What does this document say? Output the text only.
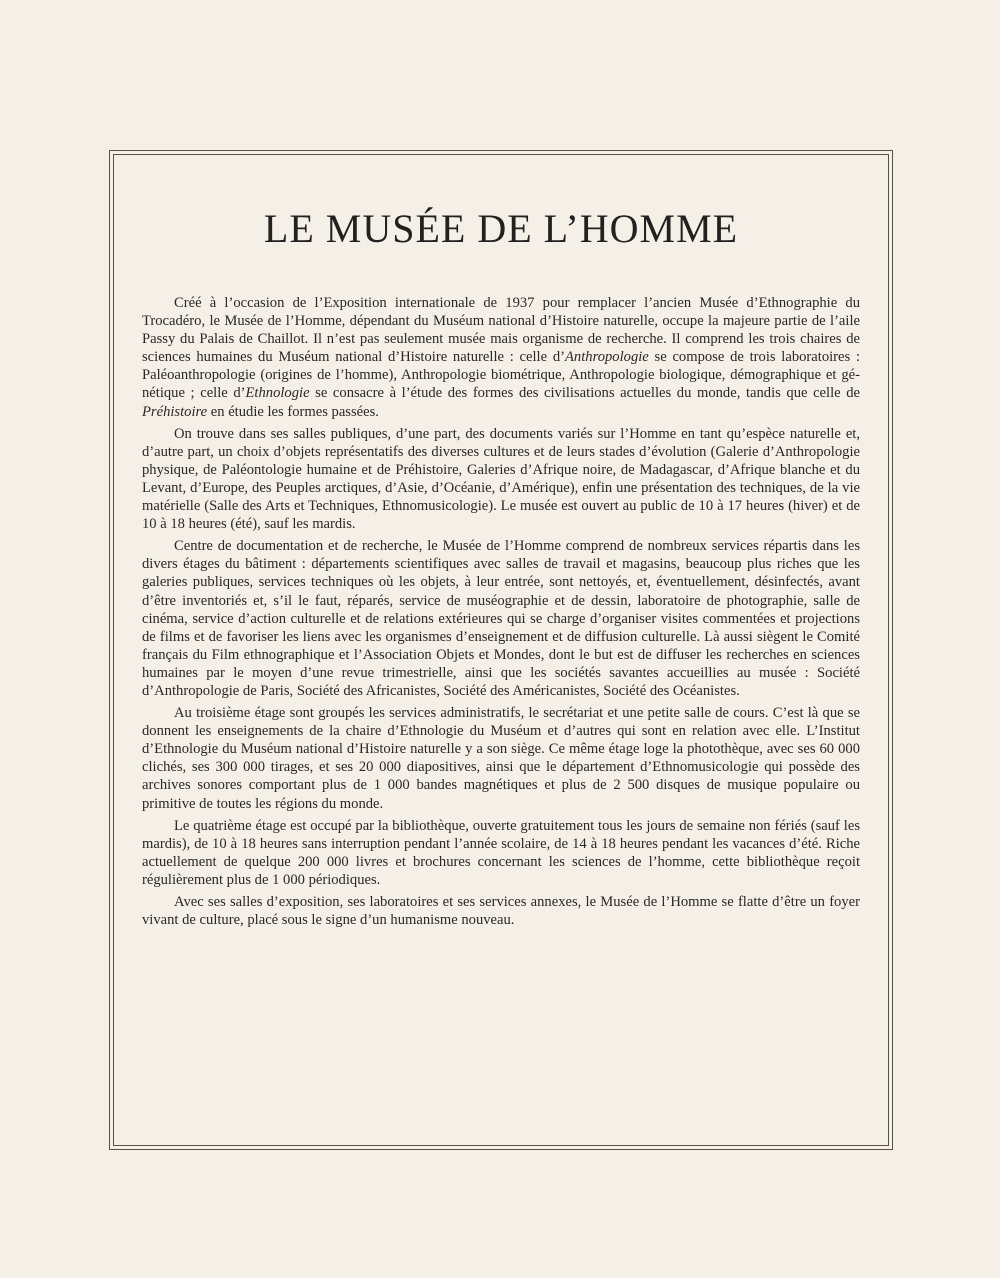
LE MUSÉE DE L’HOMME

Créé à l’occasion de l’Exposition internationale de 1937 pour remplacer l’ancien Musée d’Ethnographie du Trocadéro, le Musée de l’Homme, dépendant du Muséum national d’Histoire naturelle, occupe la majeure partie de l’aile Passy du Palais de Chaillot. Il n’est pas seulement musée mais organisme de recherche. Il comprend les trois chaires de sciences humaines du Muséum national d’Histoire naturelle : celle d’Anthropologie se compose de trois laboratoires : Paléoanthropologie (origines de l’homme), Anthropologie biométrique, Anthropologie biologique, démographique et génétique ; celle d’Ethnologie se consacre à l’étude des formes des civilisations actuelles du monde, tandis que celle de Préhistoire en étudie les formes passées.

On trouve dans ses salles publiques, d’une part, des documents variés sur l’Homme en tant qu’espèce naturelle et, d’autre part, un choix d’objets représentatifs des diverses cultures et de leurs stades d’évolution (Galerie d’Anthropologie physique, de Paléontologie humaine et de Préhistoire, Galeries d’Afrique noire, de Madagascar, d’Afrique blanche et du Levant, d’Europe, des Peuples arctiques, d’Asie, d’Océanie, d’Amérique), enfin une présentation des techniques, de la vie matérielle (Salle des Arts et Techniques, Ethnomusicologie). Le musée est ouvert au public de 10 à 17 heures (hiver) et de 10 à 18 heures (été), sauf les mardis.

Centre de documentation et de recherche, le Musée de l’Homme comprend de nombreux services répartis dans les divers étages du bâtiment : départements scientifiques avec salles de travail et magasins, beaucoup plus riches que les galeries publiques, services techniques où les objets, à leur entrée, sont nettoyés, et, éventuellement, désinfectés, avant d’être inventoriés et, s’il le faut, réparés, service de muséographie et de dessin, laboratoire de photographie, salle de cinéma, service d’action culturelle et de relations extérieures qui se charge d’organiser visites commentées et projections de films et de favoriser les liens avec les organismes d’enseignement et de diffusion culturelle. Là aussi siègent le Comité français du Film ethnographique et l’Association Objets et Mondes, dont le but est de diffuser les recherches en sciences humaines par le moyen d’une revue trimestrielle, ainsi que les sociétés savantes accueillies au musée : Société d’Anthropologie de Paris, Société des Africanistes, Société des Américanistes, Société des Océanistes.

Au troisième étage sont groupés les services administratifs, le secrétariat et une petite salle de cours. C’est là que se donnent les enseignements de la chaire d’Ethnologie du Muséum et d’autres qui sont en relation avec elle. L’Institut d’Ethnologie du Muséum national d’Histoire naturelle y a son siège. Ce même étage loge la photothèque, avec ses 60 000 clichés, ses 300 000 tirages, et ses 20 000 diapositives, ainsi que le département d’Ethnomusicologie qui possède des archives sonores comportant plus de 1 000 bandes magnétiques et plus de 2 500 disques de musique populaire ou primitive de toutes les régions du monde.

Le quatrième étage est occupé par la bibliothèque, ouverte gratuitement tous les jours de semaine non fériés (sauf les mardis), de 10 à 18 heures sans interruption pendant l’année scolaire, de 14 à 18 heures pendant les vacances d’été. Riche actuellement de quelque 200 000 livres et brochures concernant les sciences de l’homme, cette bibliothèque reçoit régulièrement plus de 1 000 périodiques.

Avec ses salles d’exposition, ses laboratoires et ses services annexes, le Musée de l’Homme se flatte d’être un foyer vivant de culture, placé sous le signe d’un humanisme nouveau.
